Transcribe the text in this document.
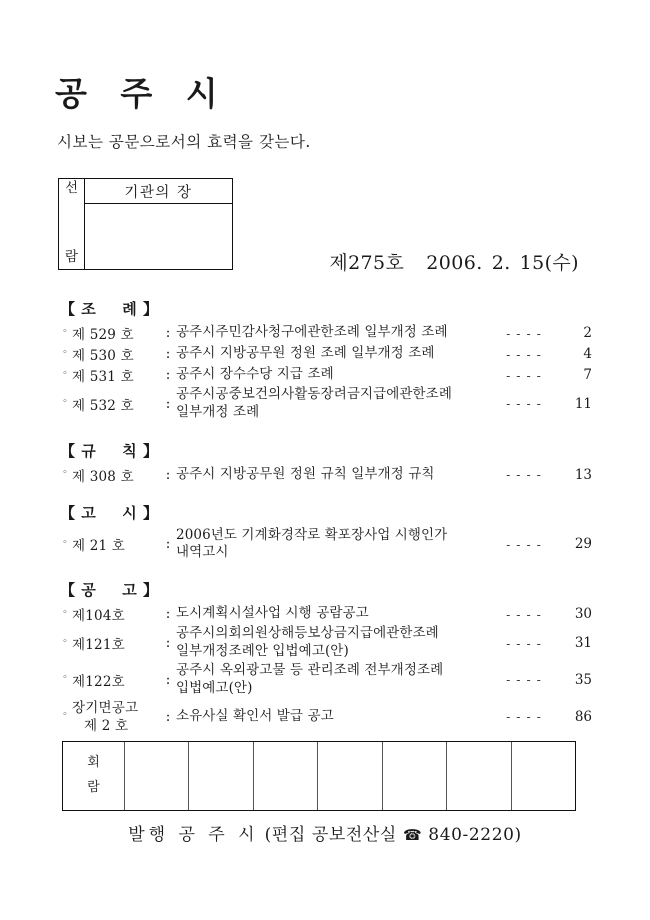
공 주 시
시보는 공문으로서의 효력을 갖는다.
선
람
기관의 장
제275호 2006. 2. 15(수)
【 조 례 】
◦ 제 529 호	: 공주시주민감사청구에관한조례 일부개정 조례	- - - -	2
◦ 제 530 호	: 공주시 지방공무원 정원 조례 일부개정 조례	- - - -	4
◦ 제 531 호	: 공주시 장수수당 지급 조례	- - - -	7
◦ 제 532 호	:
공주시공중보건의사활동장려금지급에관한조례
일부개정 조례	- - - -	11
【 규 칙 】
◦ 제 308 호	: 공주시 지방공무원 정원 규칙 일부개정 규칙	- - - -	13
【 고 시 】
◦ 제 21 호	:
2006년도 기계화경작로 확포장사업 시행인가
내역고시	- - - -	29
【 공 고 】
◦ 제104호	: 도시계획시설사업 시행 공람공고	- - - -	30
◦ 제121호	:
공주시의회의원상해등보상금지급에관한조례
일부개정조례안 입법예고(안)	- - - -	31
◦ 제122호	:
공주시 옥외광고물 등 관리조례 전부개정조례
입법예고(안)	- - - -	35
◦ 장기면공고
제 2 호
: 소유사실 확인서 발급 공고	- - - -	86
회
람
발행 공 주 시 (편집 공보전산실 ☎ 840-2220)
